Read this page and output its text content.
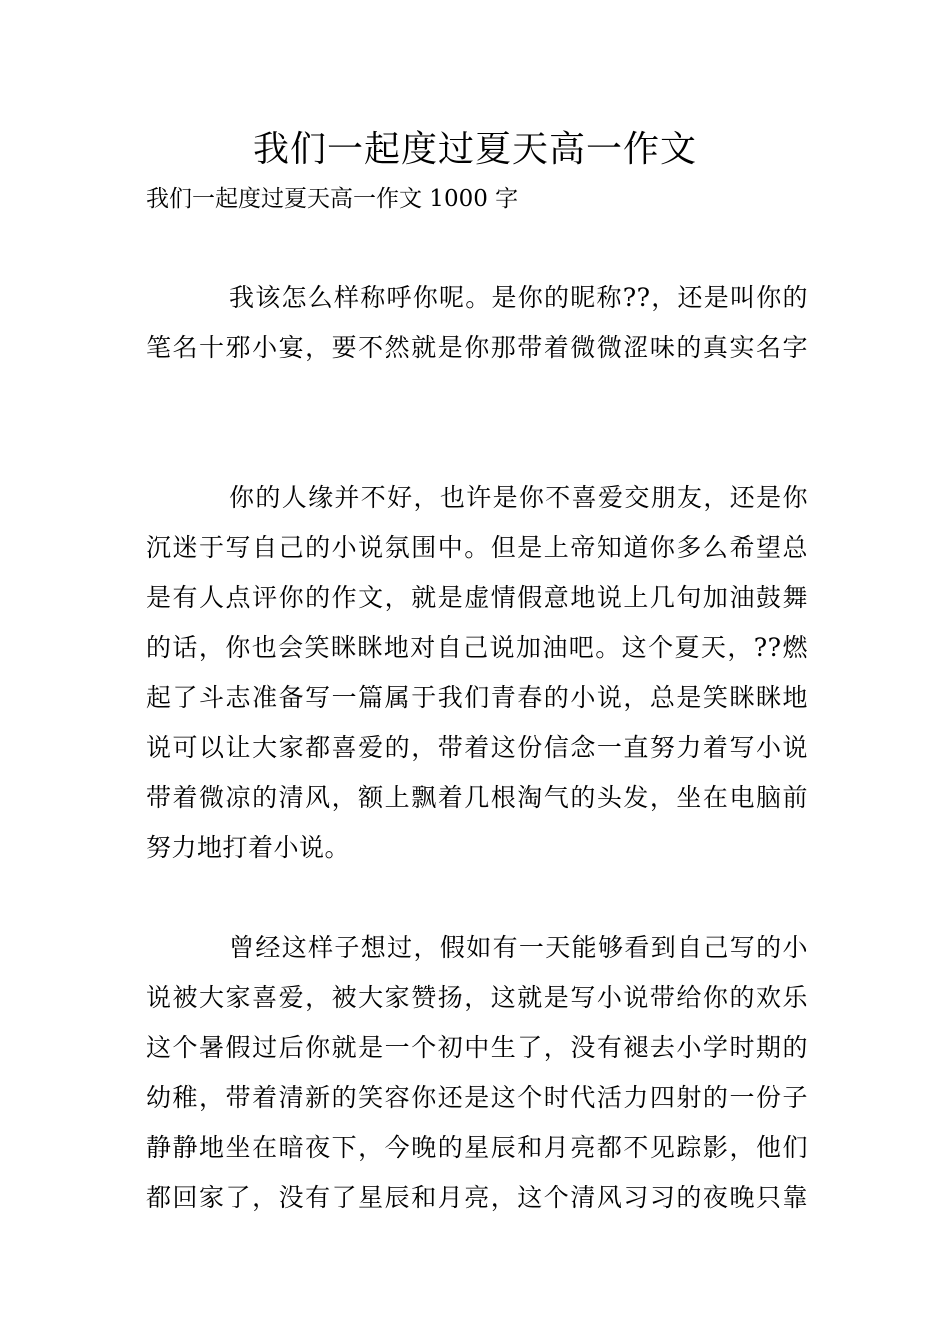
我们一起度过夏天高一作文
我们一起度过夏天高一作文 1000 字
我该怎么样称呼你呢。是你的昵称??，还是叫你的
笔名十邪小宴，要不然就是你那带着微微涩味的真实名字
你的人缘并不好，也许是你不喜爱交朋友，还是你
沉迷于写自己的小说氛围中。但是上帝知道你多么希望总
是有人点评你的作文，就是虚情假意地说上几句加油鼓舞
的话，你也会笑眯眯地对自己说加油吧。这个夏天，??燃
起了斗志准备写一篇属于我们青春的小说，总是笑眯眯地
说可以让大家都喜爱的，带着这份信念一直努力着写小说
带着微凉的清风，额上飘着几根淘气的头发，坐在电脑前
努力地打着小说。
曾经这样子想过，假如有一天能够看到自己写的小
说被大家喜爱，被大家赞扬，这就是写小说带给你的欢乐
这个暑假过后你就是一个初中生了，没有褪去小学时期的
幼稚，带着清新的笑容你还是这个时代活力四射的一份子
静静地坐在暗夜下，今晚的星辰和月亮都不见踪影，他们
都回家了，没有了星辰和月亮，这个清风习习的夜晚只靠
